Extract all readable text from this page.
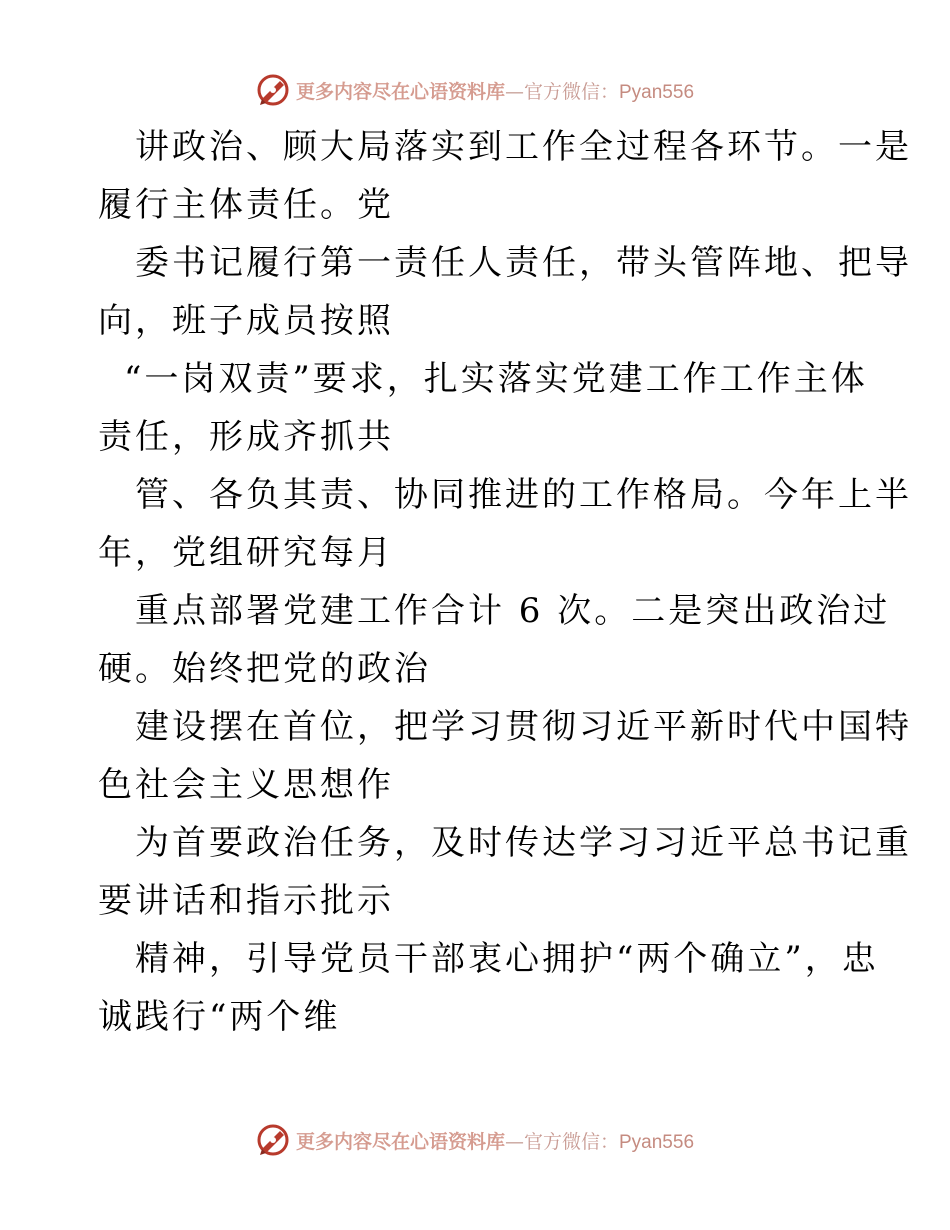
更多内容尽在心语资料库—官方微信：Pyan556
讲政治、顾大局落实到工作全过程各环节。一是
履行主体责任。党
委书记履行第一责任人责任，带头管阵地、把导
向，班子成员按照
“一岗双责”要求，扎实落实党建工作工作主体
责任，形成齐抓共
管、各负其责、协同推进的工作格局。今年上半
年，党组研究每月
重点部署党建工作合计 6 次。二是突出政治过
硬。始终把党的政治
建设摆在首位，把学习贯彻习近平新时代中国特
色社会主义思想作
为首要政治任务，及时传达学习习近平总书记重
要讲话和指示批示
精神，引导党员干部衷心拥护“两个确立”，忠
诚践行“两个维
更多内容尽在心语资料库—官方微信：Pyan556
